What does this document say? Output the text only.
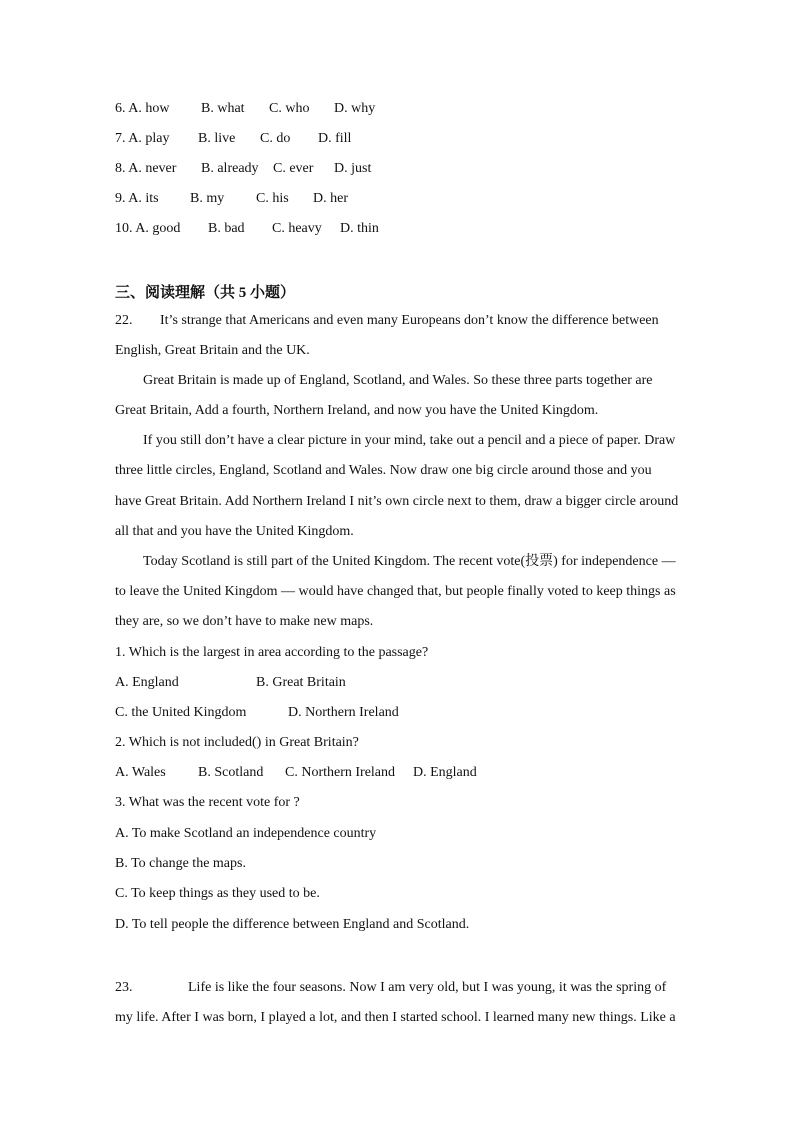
6. A. how B. what C. who D. why
7. A. play B. live C. do D. fill
8. A. never B. already C. ever D. just
9. A. its B. my C. his D. her
10. A. good B. bad C. heavy D. thin
三、阅读理解（共 5 小题）
22. It’s strange that Americans and even many Europeans don’t know the difference between
English, Great Britain and the UK.
Great Britain is made up of England, Scotland, and Wales. So these three parts together are
Great Britain, Add a fourth, Northern Ireland, and now you have the United Kingdom.
If you still don’t have a clear picture in your mind, take out a pencil and a piece of paper. Draw
three little circles, England, Scotland and Wales. Now draw one big circle around those and you
have Great Britain. Add Northern Ireland I nit’s own circle next to them, draw a bigger circle around
all that and you have the United Kingdom.
Today Scotland is still part of the United Kingdom. The recent vote(投票) for independence —
to leave the United Kingdom — would have changed that, but people finally voted to keep things as
they are, so we don’t have to make new maps.
1. Which is the largest in area according to the passage?
A. England	B. Great Britain
C. the United Kingdom	D. Northern Ireland
2. Which is not included() in Great Britain?
A. Wales B. Scotland C. Northern Ireland D. England
3. What was the recent vote for ?
A. To make Scotland an independence country
B. To change the maps.
C. To keep things as they used to be.
D. To tell people the difference between England and Scotland.
23.	Life is like the four seasons. Now I am very old, but I was young, it was the spring of
my life. After I was born, I played a lot, and then I started school. I learned many new things. Like a
